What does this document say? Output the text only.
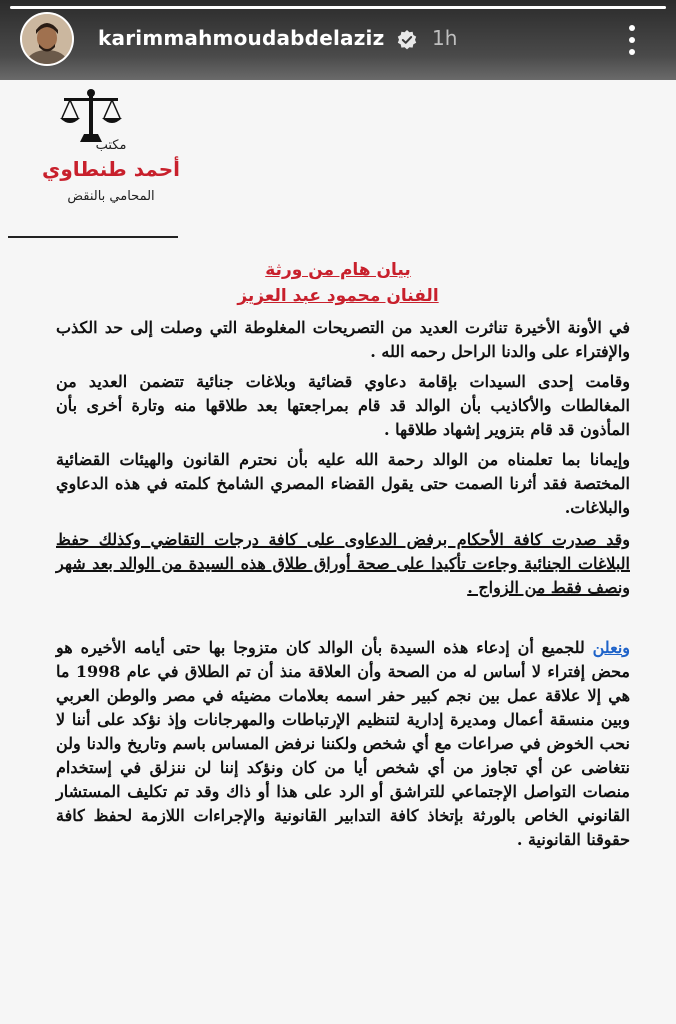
karimmahmoudabdelaziz 1h
مكتب
أحمد طنطاوي
المحامي بالنقض
بيان هام من ورثة
الفنان محمود عبد العزيز

في الأونة الأخيرة تناثرت العديد من التصريحات المغلوطة التي وصلت إلى حد الكذب والإفتراء على والدنا الراحل رحمه الله .

وقامت إحدى السيدات بإقامة دعاوي قضائية وبلاغات جنائية تتضمن العديد من المغالطات والأكاذيب بأن الوالد قد قام بمراجعتها بعد طلاقها منه وتارة أخرى بأن المأذون قد قام بتزوير إشهاد طلاقها .

وإيمانا بما تعلمناه من الوالد رحمة الله عليه بأن نحترم القانون والهيئات القضائية المختصة فقد أثرنا الصمت حتى يقول القضاء المصري الشامخ كلمته في هذه الدعاوي والبلاغات.

وقد صدرت كافة الأحكام برفض الدعاوى على كافة درجات التقاضي وكذلك حفظ البلاغات الجنائية وجاءت تأكيدا على صحة أوراق طلاق هذه السيدة من الوالد بعد شهر ونصف فقط من الزواج .

ونعلن للجميع أن إدعاء هذه السيدة بأن الوالد كان متزوجا بها حتى أيامه الأخيره هو محض إفتراء لا أساس له من الصحة وأن العلاقة منذ أن تم الطلاق في عام 1998 ما هي إلا علاقة عمل بين نجم كبير حفر اسمه بعلامات مضيئه في مصر والوطن العربي وبين منسقة أعمال ومديرة إدارية لتنظيم الإرتباطات والمهرجانات وإذ نؤكد على أننا لا نحب الخوض في صراعات مع أي شخص ولكننا نرفض المساس باسم وتاريخ والدنا ولن نتغاضى عن أي تجاوز من أي شخص أيا من كان ونؤكد إننا لن ننزلق في إستخدام منصات التواصل الإجتماعي للتراشق أو الرد على هذا أو ذاك وقد تم تكليف المستشار القانوني الخاص بالورثة بإتخاذ كافة التدابير القانونية والإجراءات اللازمة لحفظ كافة حقوقنا القانونية .
